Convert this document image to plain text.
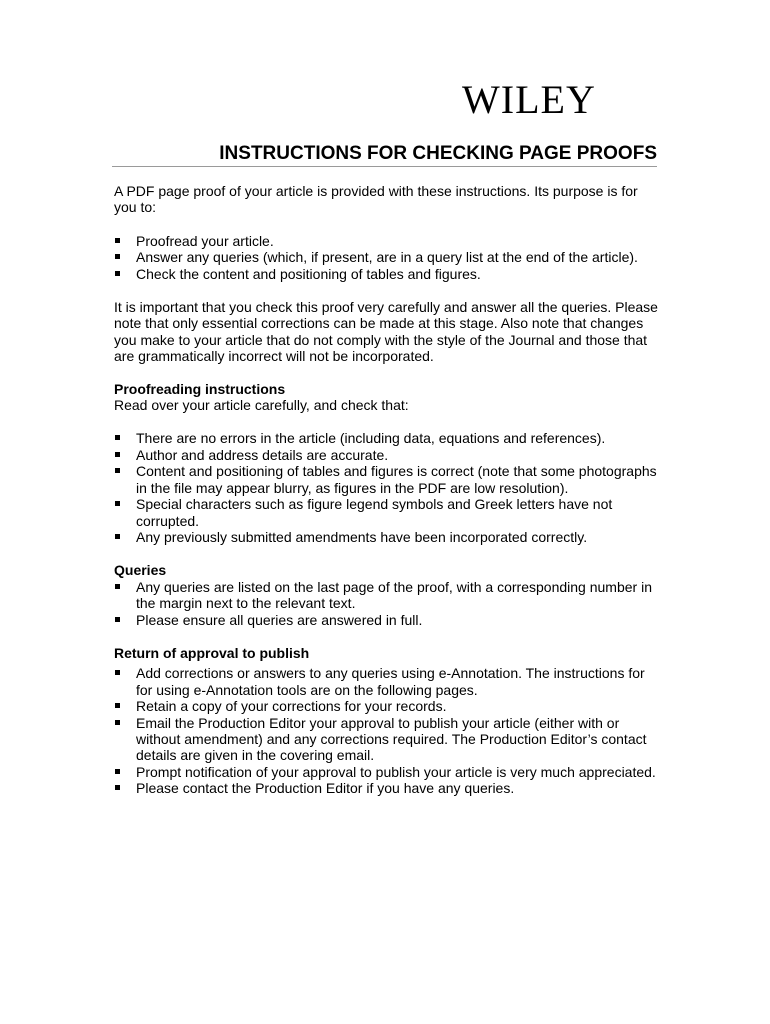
WILEY
INSTRUCTIONS FOR CHECKING PAGE PROOFS

A PDF page proof of your article is provided with these instructions. Its purpose is for you to:

Proofread your article.
Answer any queries (which, if present, are in a query list at the end of the article).
Check the content and positioning of tables and figures.

It is important that you check this proof very carefully and answer all the queries. Please note that only essential corrections can be made at this stage. Also note that changes you make to your article that do not comply with the style of the Journal and those that are grammatically incorrect will not be incorporated.

Proofreading instructions

Read over your article carefully, and check that:

There are no errors in the article (including data, equations and references).
Author and address details are accurate.
Content and positioning of tables and figures is correct (note that some photographs in the file may appear blurry, as figures in the PDF are low resolution).
Special characters such as figure legend symbols and Greek letters have not corrupted.
Any previously submitted amendments have been incorporated correctly.

Queries

Any queries are listed on the last page of the proof, with a corresponding number in the margin next to the relevant text.
Please ensure all queries are answered in full.

Return of approval to publish

Add corrections or answers to any queries using e-Annotation. The instructions for for using e-Annotation tools are on the following pages.
Retain a copy of your corrections for your records.
Email the Production Editor your approval to publish your article (either with or without amendment) and any corrections required. The Production Editor’s contact details are given in the covering email.
Prompt notification of your approval to publish your article is very much appreciated.
Please contact the Production Editor if you have any queries.
